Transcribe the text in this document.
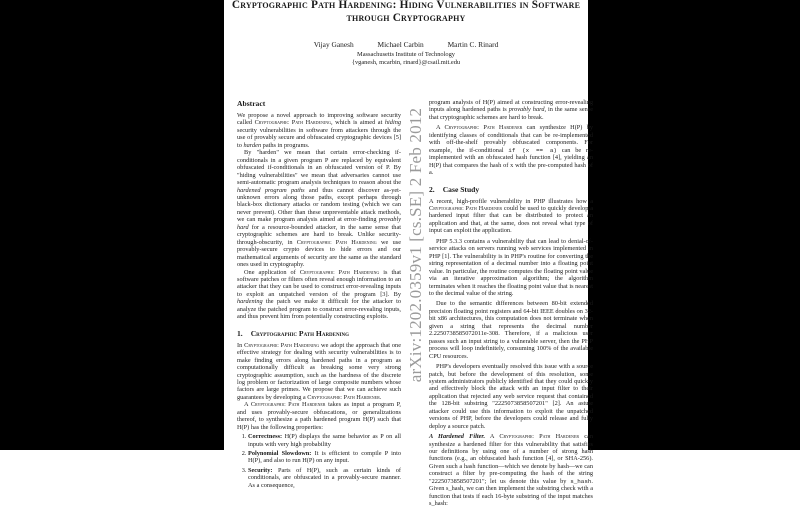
Cryptographic Path Hardening: Hiding Vulnerabilities in Software through Cryptography
Vijay Ganesh	Michael Carbin	Martin C. Rinard
Massachusetts Institute of Technology
{vganesh, mcarbin, rinard}@csail.mit.edu
Abstract

We propose a novel approach to improving software security called Cryptographic Path Hardening, which is aimed at hiding security vulnerabilities in software from attackers through the use of provably secure and obfuscated cryptographic devices [5] to harden paths in programs.

By "harden" we mean that certain error-checking if-conditionals in a given program P are replaced by equivalent obfuscated if-conditionals in an obfuscated version of P. By "hiding vulnerabilities" we mean that adversaries cannot use semi-automatic program analysis techniques to reason about the hardened program paths and thus cannot discover as-yet-unknown errors along those paths, except perhaps through black-box dictionary attacks or random testing (which we can never prevent). Other than these unpreventable attack methods, we can make program analysis aimed at error-finding provably hard for a resource-bounded attacker, in the same sense that cryptographic schemes are hard to break. Unlike security-through-obscurity, in Cryptographic Path Hardening we use provably-secure crypto devices to hide errors and our mathematical arguments of security are the same as the standard ones used in cryptography.

One application of Cryptographic Path Hardening is that software patches or filters often reveal enough information to an attacker that they can be used to construct error-revealing inputs to exploit an unpatched version of the program [3]. By hardening the patch we make it difficult for the attacker to analyze the patched program to construct error-revealing inputs, and thus prevent him from potentially constructing exploits.

1. Cryptographic Path Hardening

In Cryptographic Path Hardening we adopt the approach that one effective strategy for dealing with security vulnerabilities is to make finding errors along hardened paths in a program as computationally difficult as breaking some very strong cryptographic assumption, such as the hardness of the discrete log problem or factorization of large composite numbers whose factors are large primes. We propose that we can achieve such guarantees by developing a Cryptographic Path Hardener.

A Cryptographic Path Hardener takes as input a program P, and uses provably-secure obfuscations, or generalizations thereof, to synthesize a path hardened program H(P) such that H(P) has the following properties:

1. Correctness: H(P) displays the same behavior as P on all inputs with very high probability
2. Polynomial Slowdown: It is efficient to compile P into H(P), and also to run H(P) on any input.
3. Security: Parts of H(P), such as certain kinds of conditionals, are obfuscated in a provably-secure manner. As a consequence,

program analysis of H(P) aimed at constructing error-revealing inputs along hardened paths is provably hard, in the same sense that cryptographic schemes are hard to break.

A Cryptographic Path Hardener can synthesize H(P) by identifying classes of conditionals that can be re-implemented with off-the-shelf provably obfuscated components. For example, the if-conditional if (x == a) can be re-implemented with an obfuscated hash function [4], yielding an H(P) that compares the hash of x with the pre-computed hash of a.

2. Case Study

A recent, high-profile vulnerability in PHP illustrates how a Cryptographic Path Hardener could be used to quickly develop a hardened input filter that can be distributed to protect an application and that, at the same, does not reveal what type of input can exploit the application.

PHP 5.3.3 contains a vulnerability that can lead to denial-of-service attacks on servers running web services implemented in PHP [1]. The vulnerability is in PHP's routine for converting the string representation of a decimal number into a floating point value. In particular, the routine computes the floating point value via an iterative approximation algorithm; the algorithm terminates when it reaches the floating point value that is nearest to the decimal value of the string.

Due to the semantic differences between 80-bit extended precision floating point registers and 64-bit IEEE doubles on 32-bit x86 architectures, this computation does not terminate when given a string that represents the decimal number 2.2250738585072011e-308. Therefore, if a malicious user passes such an input string to a vulnerable server, then the PHP process will loop indefinitely, consuming 100% of the available CPU resources.

PHP's developers eventually resolved this issue with a source patch, but before the development of this resolution, some system administrators publicly identified that they could quickly and effectively block the attack with an input filter to their application that rejected any web service request that contained the 128-bit substring "2225073858507201" [2]. An astute attacker could use this information to exploit the unpatched versions of PHP, before the developers could release and fully deploy a source patch.

A Hardened Filter. A Cryptographic Path Hardener can synthesize a hardened filter for this vulnerability that satisfies our definitions by using one of a number of strong hash functions (e.g., an obfuscated hash function [4], or SHA-256). Given such a hash function—which we denote by hash—we can construct a filter by pre-computing the hash of the string "2225073858507201"; let us denote this value by s_hash. Given s_hash, we can then implement the substring check with a function that tests if each 16-byte substring of the input matches s_hash:

arXiv:1202.0359v1 [cs.SE] 2 Feb 2012
